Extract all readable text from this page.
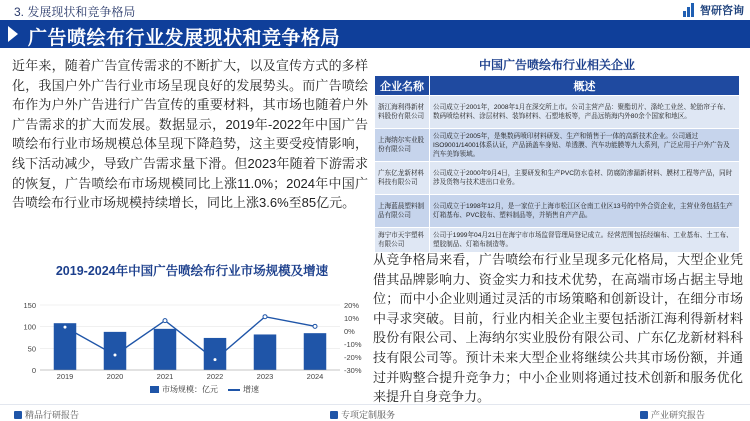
3. 发展现状和竞争格局	智研咨询
广告喷绘布行业发展现状和竞争格局
近年来，随着广告宣传需求的不断扩大，以及宣传方式的多样化，我国户外广告行业市场呈现良好的发展势头。而广告喷绘布作为户外广告进行广告宣传的重要材料，其市场也随着户外广告需求的扩大而发展。数据显示，2019年-2022年中国广告喷绘布行业市场规模总体呈现下降趋势，这主要受疫情影响，线下活动减少，导致广告需求量下滑。但2023年随着下游需求的恢复，广告喷绘布市场规模同比上涨11.0%；2024年中国广告喷绘布行业市场规模持续增长，同比上涨3.6%至85亿元。
2019-2024年中国广告喷绘布行业市场规模及增速
0
50
100
150
-30%
-20%
-10%
0%
10%
20%
2019	2020	2021	2022	2023	2024
市场规模：亿元	增速
中国广告喷绘布行业相关企业
企业名称	概述
浙江海利得新材料股份有限公司	公司成立于2001年，2008年1月在深交所上市。公司主营产品：聚酯切片、涤纶工业丝、轮胎帘子布、数码喷绘材料、涂层材料、装饰材料、石塑地板等，产品远销海内外80余个国家和地区。
上海纳尔实业股份有限公司	公司成立于2005年，是集数码喷印材料研发、生产和销售于一体的高新技术企业。公司通过ISO9001/14001体系认证，产品涵盖车身贴、单透膜、汽车功能膜等九大系列，广泛应用于户外广告及汽车美饰领域。
广东亿龙新材料科技有限公司	公司成立于2000年9月4日，主要研发和生产PVC防水卷材、防腐防渗漏新材料、膜材工程等产品，同时涉及货物与技术进出口业务。
上海蓝晨塑料制品有限公司	公司成立于1998年12月，是一家位于上海市松江区仓南工业区13号的中外合资企业，主营业务包括生产灯箱基布、PVC胶布、塑料制品等，并销售自产产品。
海宁市天宇塑料有限公司	公司于1999年04月21日在海宁市市场监督管理局登记成立。经营范围包括经编布、工业基布、土工布、塑胶制品、灯箱布制造等。
从竞争格局来看，广告喷绘布行业呈现多元化格局，大型企业凭借其品牌影响力、资金实力和技术优势，在高端市场占据主导地位；而中小企业则通过灵活的市场策略和创新设计，在细分市场中寻求突破。目前，行业内相关企业主要包括浙江海利得新材料股份有限公司、上海纳尔实业股份有限公司、广东亿龙新材料科技有限公司等。预计未来大型企业将继续公共其市场份额，并通过并购整合提升竞争力；中小企业则将通过技术创新和服务优化来提升自身竞争力。
精品行研报告	专项定制服务	产业研究报告
